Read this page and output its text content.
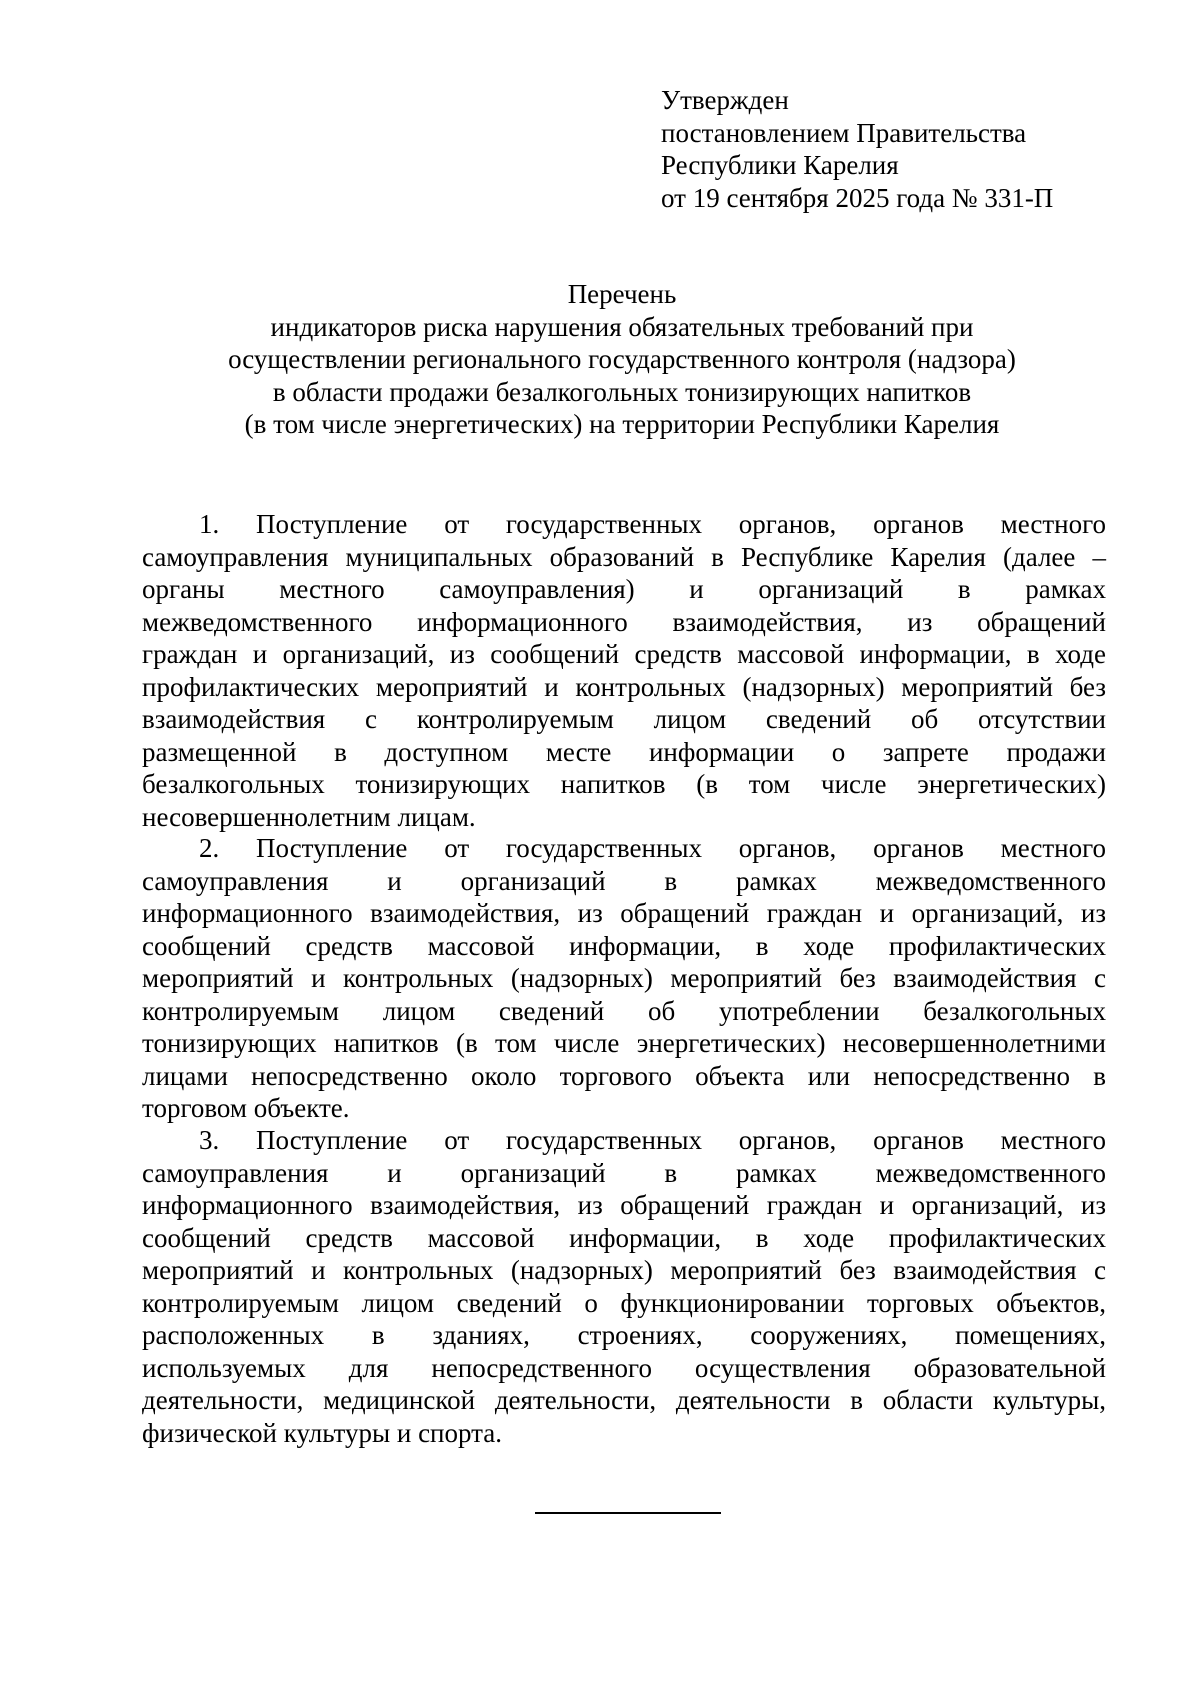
Утвержден
постановлением Правительства
Республики Карелия
от 19 сентября 2025 года № 331-П
Перечень
индикаторов риска нарушения обязательных требований при
осуществлении регионального государственного контроля (надзора)
в области продажи безалкогольных тонизирующих напитков
(в том числе энергетических) на территории Республики Карелия
1. Поступление от государственных органов, органов местного
самоуправления муниципальных образований в Республике Карелия (далее –
органы местного самоуправления) и организаций в рамках
межведомственного информационного взаимодействия, из обращений
граждан и организаций, из сообщений средств массовой информации, в ходе
профилактических мероприятий и контрольных (надзорных) мероприятий без
взаимодействия с контролируемым лицом сведений об отсутствии
размещенной в доступном месте информации о запрете продажи
безалкогольных тонизирующих напитков (в том числе энергетических)
несовершеннолетним лицам.
2. Поступление от государственных органов, органов местного
самоуправления и организаций в рамках межведомственного
информационного взаимодействия, из обращений граждан и организаций, из
сообщений средств массовой информации, в ходе профилактических
мероприятий и контрольных (надзорных) мероприятий без взаимодействия с
контролируемым лицом сведений об употреблении безалкогольных
тонизирующих напитков (в том числе энергетических) несовершеннолетними
лицами непосредственно около торгового объекта или непосредственно в
торговом объекте.
3. Поступление от государственных органов, органов местного
самоуправления и организаций в рамках межведомственного
информационного взаимодействия, из обращений граждан и организаций, из
сообщений средств массовой информации, в ходе профилактических
мероприятий и контрольных (надзорных) мероприятий без взаимодействия с
контролируемым лицом сведений о функционировании торговых объектов,
расположенных в зданиях, строениях, сооружениях, помещениях,
используемых для непосредственного осуществления образовательной
деятельности, медицинской деятельности, деятельности в области культуры,
физической культуры и спорта.
